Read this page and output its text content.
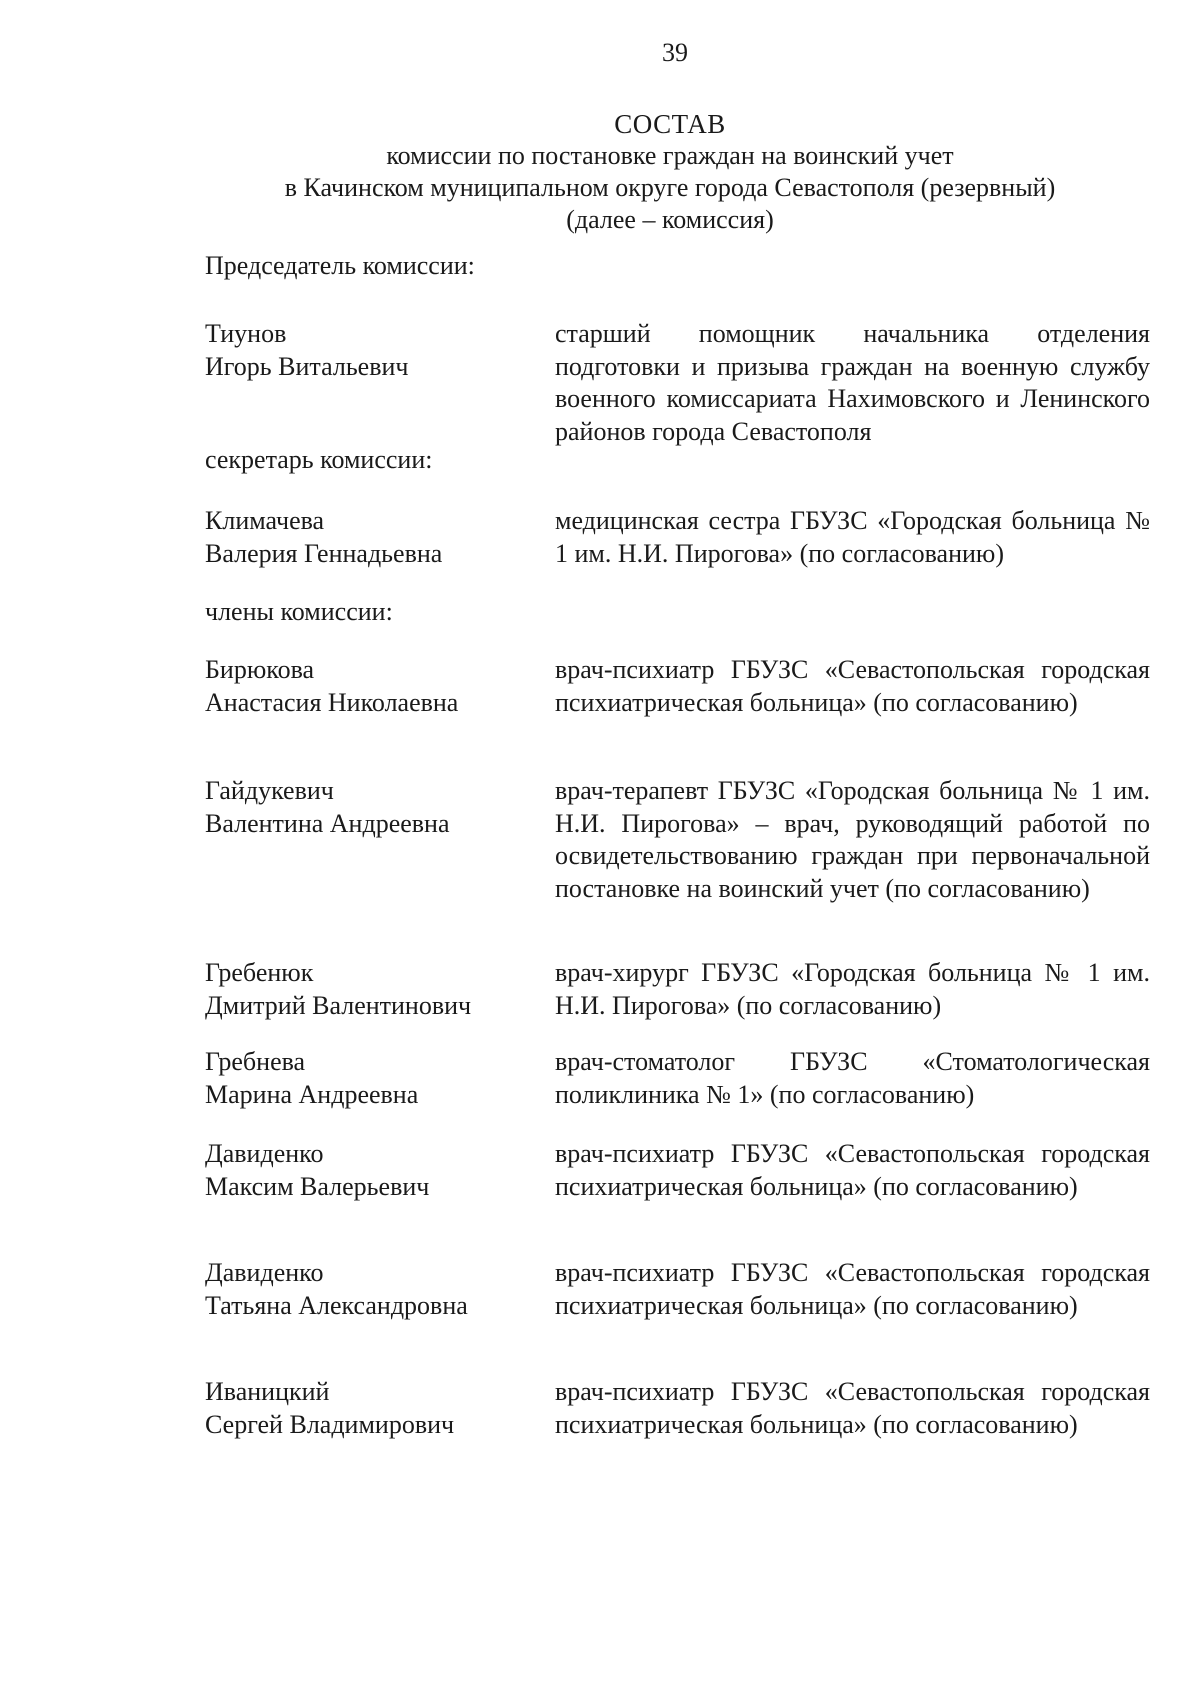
39
СОСТАВ
комиссии по постановке граждан на воинский учет
в Качинском муниципальном округе города Севастополя (резервный)
(далее – комиссия)
Председатель комиссии:
Тиунов
Игорь Витальевич
старший помощник начальника отделения подготовки и призыва граждан на военную службу военного комиссариата Нахимовского и Ленинского районов города Севастополя
секретарь комиссии:
Климачева
Валерия Геннадьевна
медицинская сестра ГБУЗС «Городская больница № 1 им. Н.И. Пирогова» (по согласованию)
члены комиссии:
Бирюкова
Анастасия Николаевна
врач-психиатр ГБУЗС «Севастопольская городская психиатрическая больница» (по согласованию)
Гайдукевич
Валентина Андреевна
врач-терапевт ГБУЗС «Городская больница № 1 им. Н.И. Пирогова» – врач, руководящий работой по освидетельствованию граждан при первоначальной постановке на воинский учет (по согласованию)
Гребенюк
Дмитрий Валентинович
врач-хирург ГБУЗС «Городская больница № 1 им. Н.И. Пирогова» (по согласованию)
Гребнева
Марина Андреевна
врач-стоматолог ГБУЗС «Стоматологическая поликлиника № 1» (по согласованию)
Давиденко
Максим Валерьевич
врач-психиатр ГБУЗС «Севастопольская городская психиатрическая больница» (по согласованию)
Давиденко
Татьяна Александровна
врач-психиатр ГБУЗС «Севастопольская городская психиатрическая больница» (по согласованию)
Иваницкий
Сергей Владимирович
врач-психиатр ГБУЗС «Севастопольская городская психиатрическая больница» (по согласованию)
